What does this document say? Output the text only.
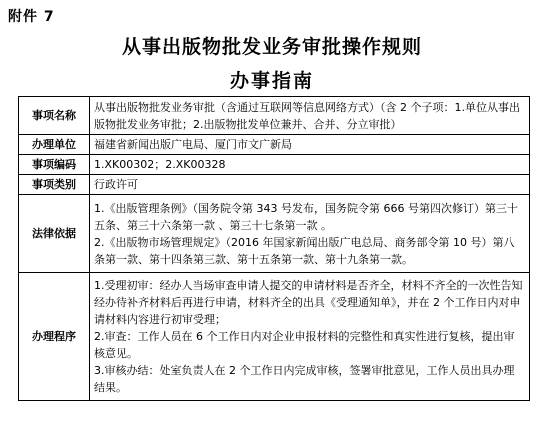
附件 7
从事出版物批发业务审批操作规则
办事指南
事项名称	从事出版物批发业务审批（含通过互联网等信息网络方式）（含 2 个子项：1.单位从事出版物批发业务审批；2.出版物批发单位兼并、合并、分立审批）

办理单位	福建省新闻出版广电局、厦门市文广新局

事项编码	1.XK00302；2.XK00328

事项类别	行政许可

法律依据	1.《出版管理条例》（国务院令第 343 号发布，国务院令第 666 号第四次修订）第三十五条、第三十六条第一款 、第三十七条第一款 。
2.《出版物市场管理规定》（2016 年国家新闻出版广电总局、商务部令第 10 号）第八条第一款、第十四条第三款、第十五条第一款、第十九条第一款。

办理程序	1.受理初审：经办人当场审查申请人提交的申请材料是否齐全，材料不齐全的一次性告知经办待补齐材料后再进行申请，材料齐全的出具《受理通知单》，并在 2 个工作日内对申请材料内容进行初审受理；
2.审查：工作人员在 6 个工作日内对企业申报材料的完整性和真实性进行复核，提出审核意见。
3.审核办结：处室负责人在 2 个工作日内完成审核，签署审批意见，工作人员出具办理结果。
